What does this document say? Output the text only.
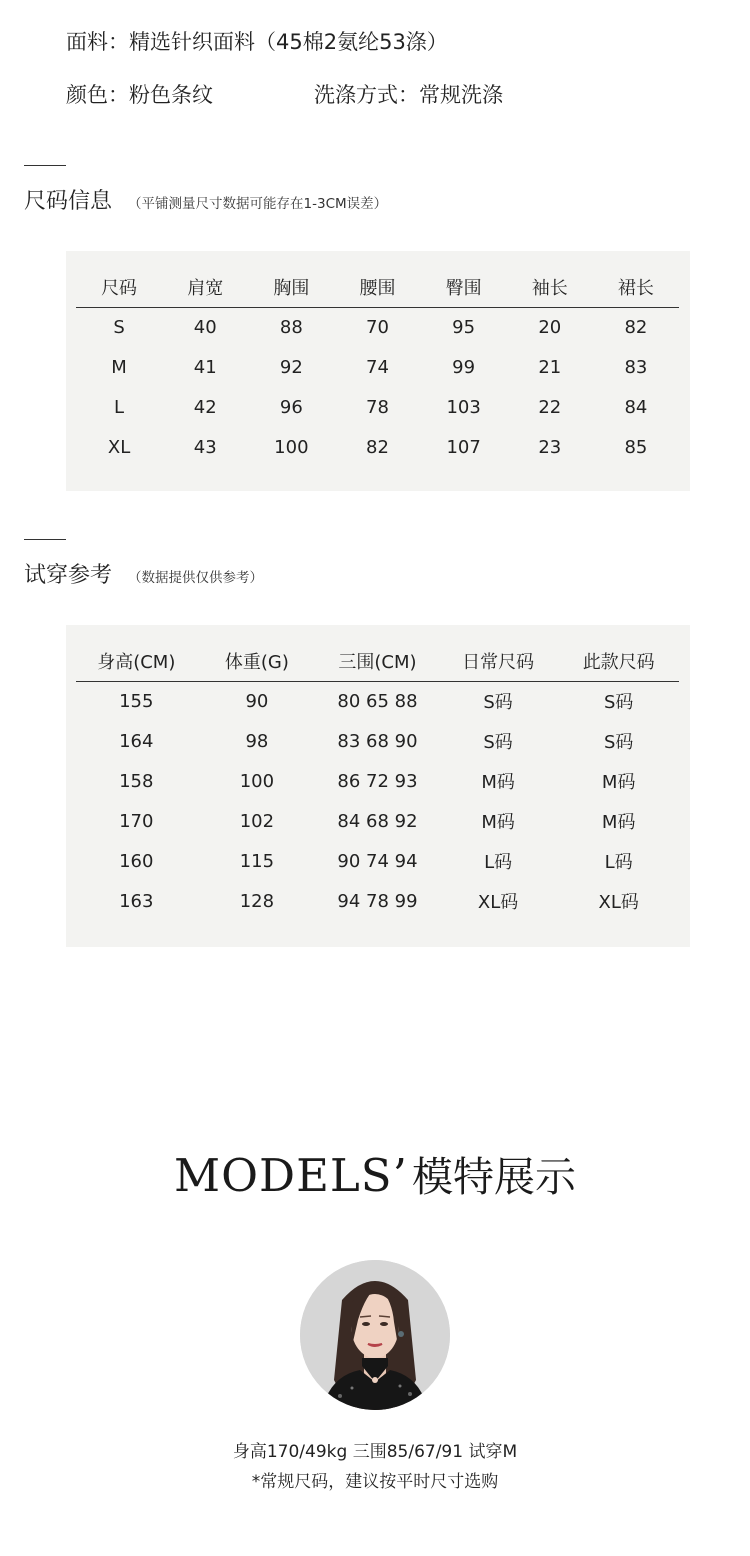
面料：精选针织面料（45棉2氨纶53涤）
颜色：粉色条纹	洗涤方式：常规洗涤
尺码信息 （平铺测量尺寸数据可能存在1-3CM误差）
尺码	肩宽	胸围	腰围	臀围	袖长	裙长
S	40	88	70	95	20	82
M	41	92	74	99	21	83
L	42	96	78	103	22	84
XL	43	100	82	107	23	85
试穿参考 （数据提供仅供参考）
身高(CM)	体重(G)	三围(CM)	日常尺码	此款尺码
155	90	80 65 88	S码	S码
164	98	83 68 90	S码	S码
158	100	86 72 93	M码	M码
170	102	84 68 92	M码	M码
160	115	90 74 94	L码	L码
163	128	94 78 99	XL码	XL码
MODELS’模特展示
身高170/49kg 三围85/67/91 试穿M
*常规尺码，建议按平时尺寸选购
